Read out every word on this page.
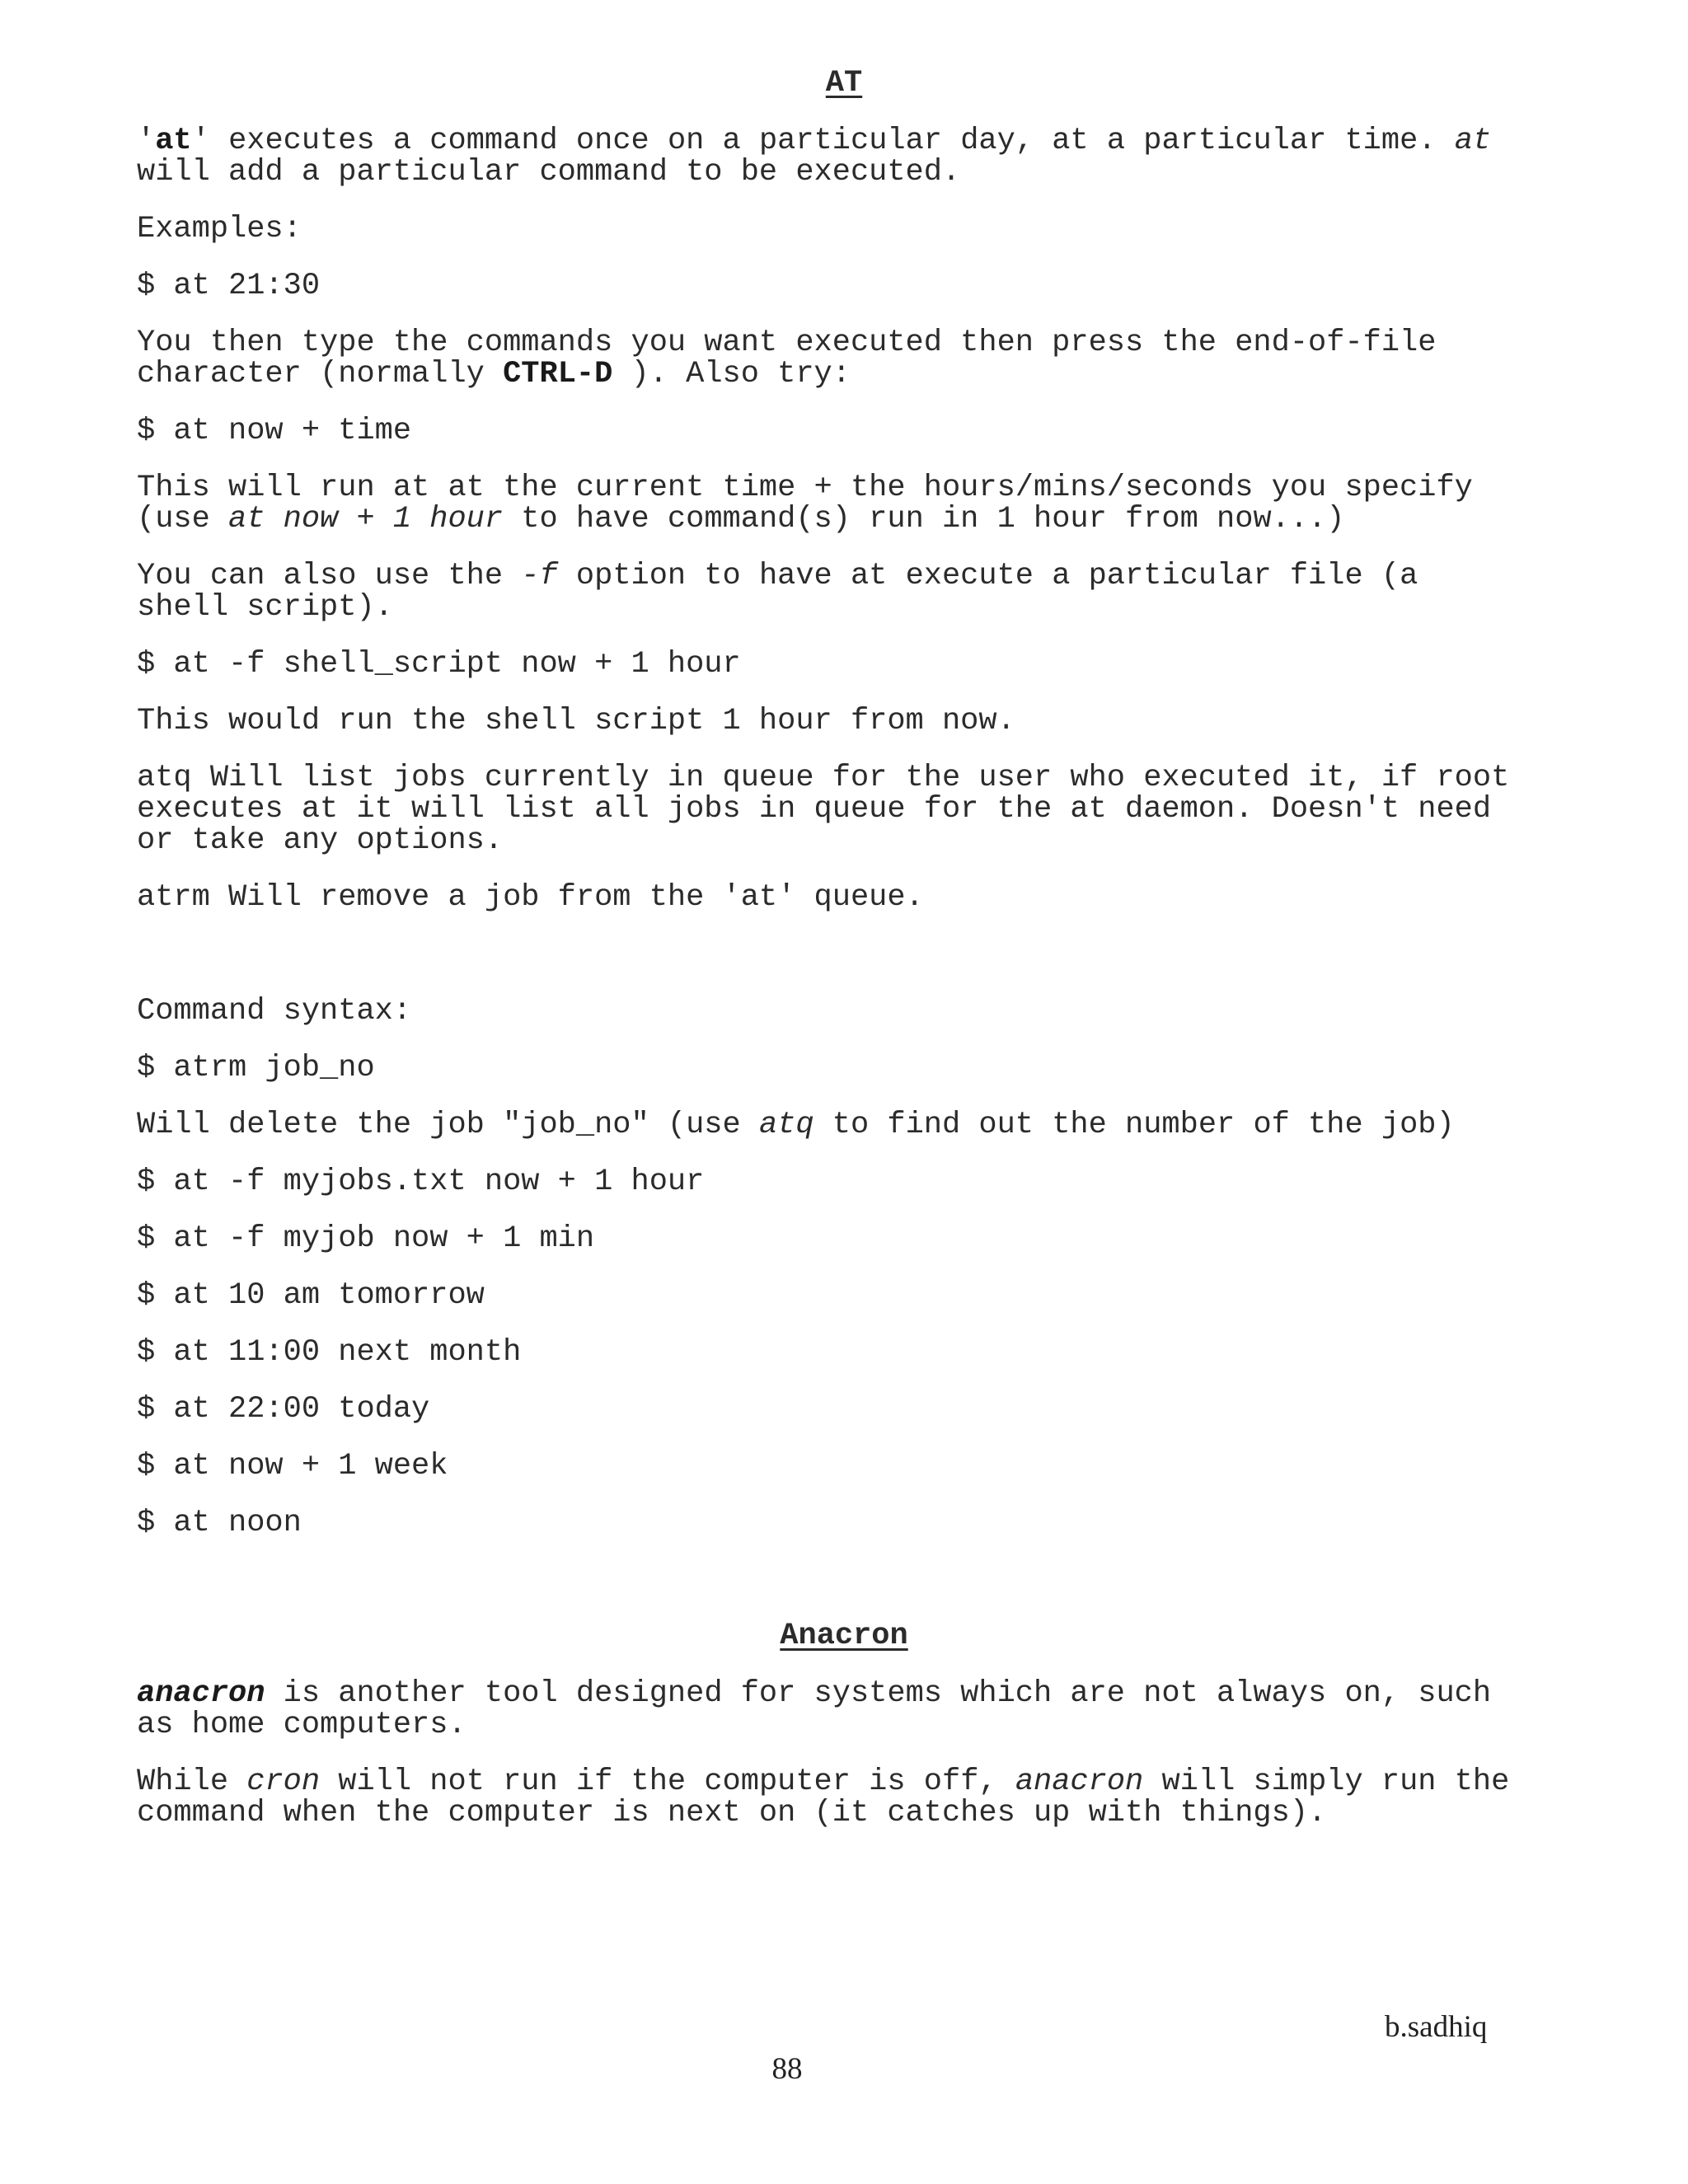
AT

'at' executes a command once on a particular day, at a particular time. at

will add a particular command to be executed.

Examples:

$ at 21:30

You then type the commands you want executed then press the end-of-file

character (normally CTRL-D ). Also try:

$ at now + time

This will run at at the current time + the hours/mins/seconds you specify

(use at now + 1 hour to have command(s) run in 1 hour from now...)

You can also use the -f option to have at execute a particular file (a

shell script).

$ at -f shell_script now + 1 hour

This would run the shell script 1 hour from now.

atq Will list jobs currently in queue for the user who executed it, if root

executes at it will list all jobs in queue for the at daemon. Doesn't need

or take any options.

atrm Will remove a job from the 'at' queue.

Command syntax:

$ atrm job_no

Will delete the job "job_no" (use atq to find out the number of the job)

$ at -f myjobs.txt now + 1 hour

$ at -f myjob now + 1 min

$ at 10 am tomorrow

$ at 11:00 next month

$ at 22:00 today

$ at now + 1 week

$ at noon

Anacron

anacron is another tool designed for systems which are not always on, such

as home computers.

While cron will not run if the computer is off, anacron will simply run the

command when the computer is next on (it catches up with things).

b.sadhiq
88
